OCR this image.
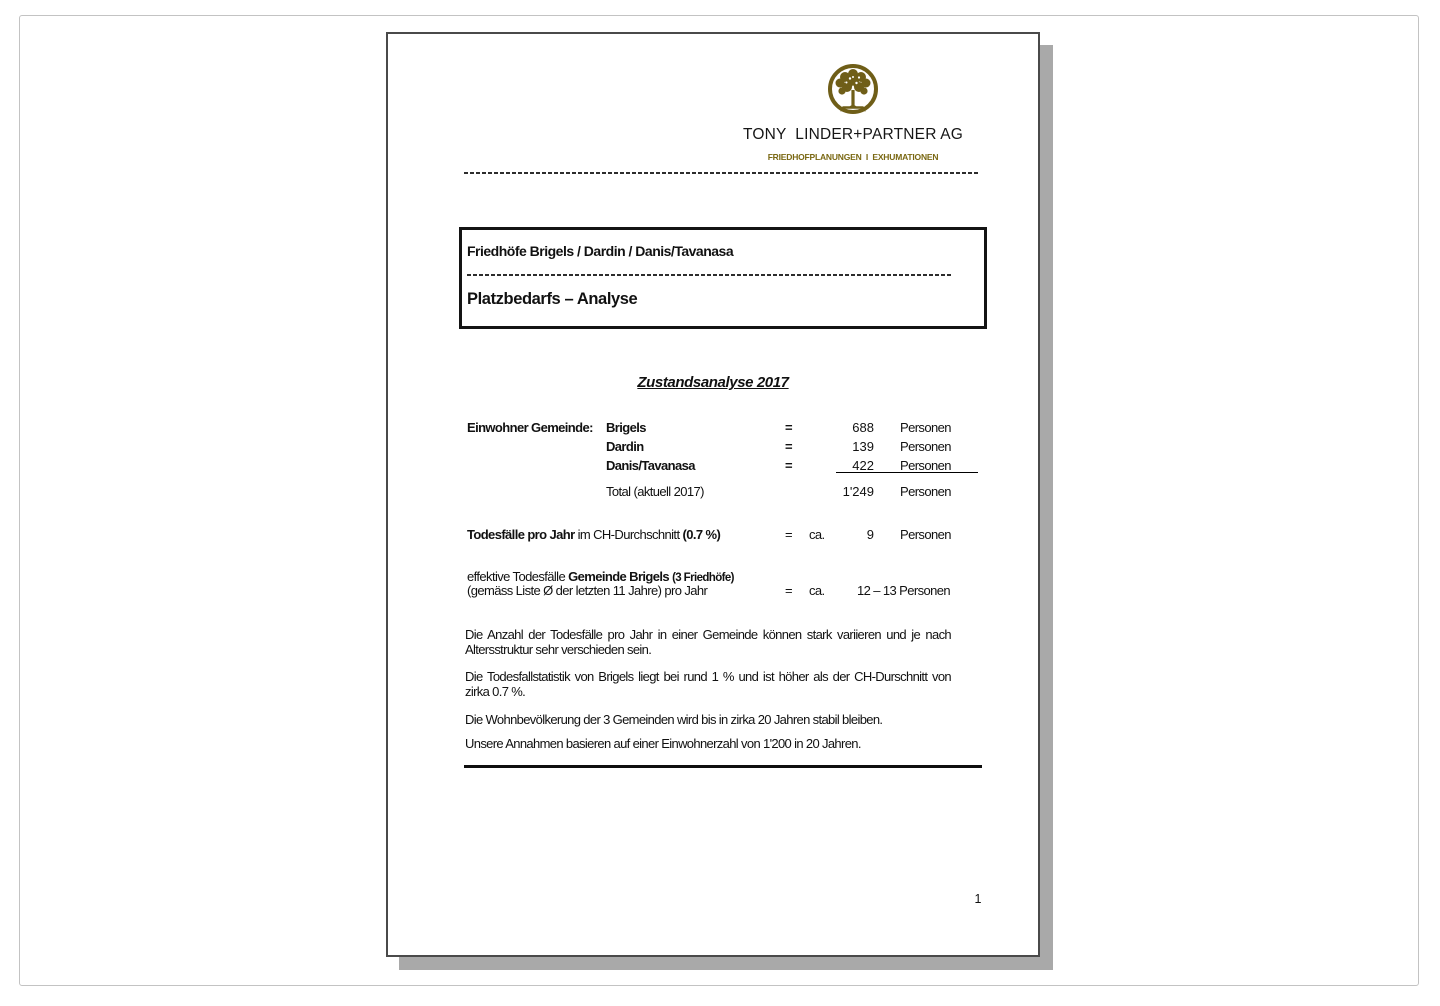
TONY  LINDER+PARTNER AG
FRIEDHOFPLANUNGEN  I  EXHUMATIONEN
Friedhöfe Brigels / Dardin / Danis/Tavanasa
Platzbedarfs – Analyse
Zustandsanalyse 2017
Einwohner Gemeinde:	Brigels	=	688 Personen
Dardin	=	139 Personen
Danis/Tavanasa	=	422 Personen
Total (aktuell 2017)	1'249 Personen
Todesfälle pro Jahr im CH-Durchschnitt (0.7 %)	=	ca.	9 Personen
effektive Todesfälle Gemeinde Brigels (3 Friedhöfe)
(gemäss Liste Ø der letzten 11 Jahre) pro Jahr	=	ca.	12 – 13 Personen
Die Anzahl der Todesfälle pro Jahr in einer Gemeinde können stark variieren und je nach Altersstruktur sehr verschieden sein.
Die Todesfallstatistik von Brigels liegt bei rund 1 % und ist höher als der CH-Durschnitt von zirka 0.7 %.
Die Wohnbevölkerung der 3 Gemeinden wird bis in zirka 20 Jahren stabil bleiben.
Unsere Annahmen basieren auf einer Einwohnerzahl von 1'200 in 20 Jahren.
1
